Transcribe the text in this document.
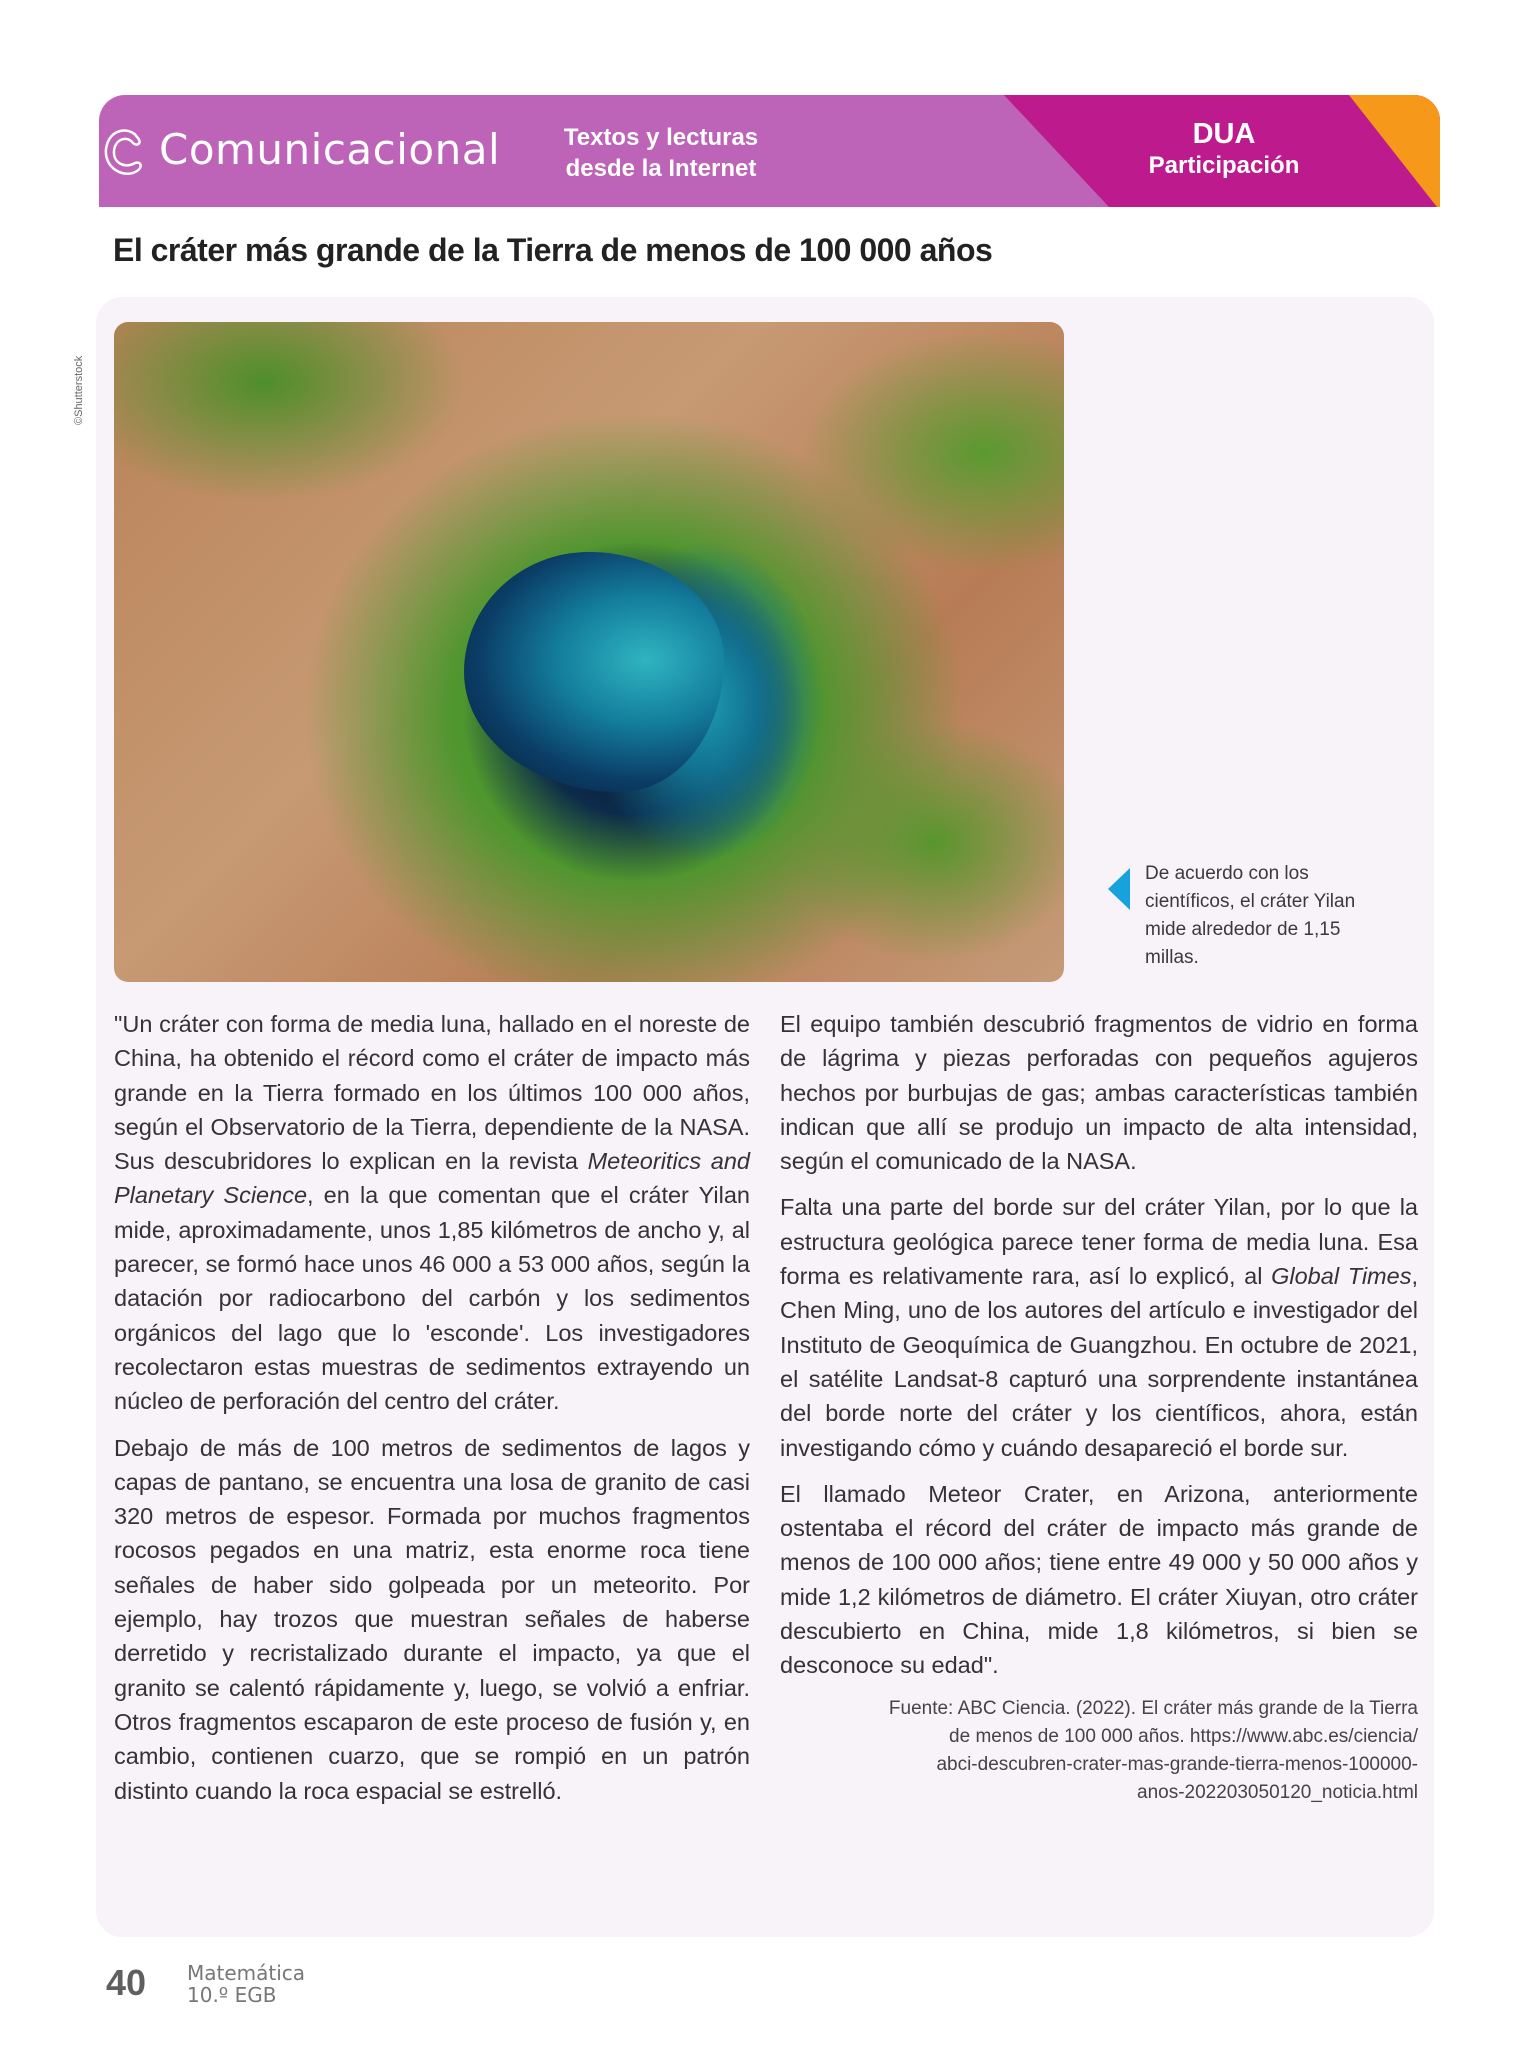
Comunicacional	Textos y lecturas
desde la Internet
DUA
Participación
El cráter más grande de la Tierra de menos de 100 000 años
©Shutterstock
De acuerdo con los científicos, el cráter Yilan mide alrededor de 1,15 millas.

"Un cráter con forma de media luna, hallado en el noreste de China, ha obtenido el récord como el cráter de impacto más grande en la Tierra formado en los últimos 100 000 años, según el Observatorio de la Tierra, dependiente de la NASA. Sus descubridores lo explican en la revista Meteoritics and Planetary Science, en la que comentan que el cráter Yilan mide, aproximadamente, unos 1,85 kilómetros de ancho y, al parecer, se formó hace unos 46 000 a 53 000 años, según la datación por radiocarbono del carbón y los sedimentos orgánicos del lago que lo 'esconde'. Los investigadores recolectaron estas muestras de sedimentos extrayendo un núcleo de perforación del centro del cráter.

Debajo de más de 100 metros de sedimentos de lagos y capas de pantano, se encuentra una losa de granito de casi 320 metros de espesor. Formada por muchos fragmentos rocosos pegados en una matriz, esta enorme roca tiene señales de haber sido golpeada por un meteorito. Por ejemplo, hay trozos que muestran señales de haberse derretido y recristalizado durante el impacto, ya que el granito se calentó rápidamente y, luego, se volvió a enfriar. Otros fragmentos escaparon de este proceso de fusión y, en cambio, contienen cuarzo, que se rompió en un patrón distinto cuando la roca espacial se estrelló.

El equipo también descubrió fragmentos de vidrio en forma de lágrima y piezas perforadas con pequeños agujeros hechos por burbujas de gas; ambas características también indican que allí se produjo un impacto de alta intensidad, según el comunicado de la NASA.

Falta una parte del borde sur del cráter Yilan, por lo que la estructura geológica parece tener forma de media luna. Esa forma es relativamente rara, así lo explicó, al Global Times, Chen Ming, uno de los autores del artículo e investigador del Instituto de Geoquímica de Guangzhou. En octubre de 2021, el satélite Landsat-8 capturó una sorprendente instantánea del borde norte del cráter y los científicos, ahora, están investigando cómo y cuándo desapareció el borde sur.

El llamado Meteor Crater, en Arizona, anteriormente ostentaba el récord del cráter de impacto más grande de menos de 100 000 años; tiene entre 49 000 y 50 000 años y mide 1,2 kilómetros de diámetro. El cráter Xiuyan, otro cráter descubierto en China, mide 1,8 kilómetros, si bien se desconoce su edad".

Fuente: ABC Ciencia. (2022). El cráter más grande de la Tierra
de menos de 100 000 años. https://www.abc.es/ciencia/
abci-descubren-crater-mas-grande-tierra-menos-100000-
anos-202203050120_noticia.html
40 Matemática
10.º EGB
